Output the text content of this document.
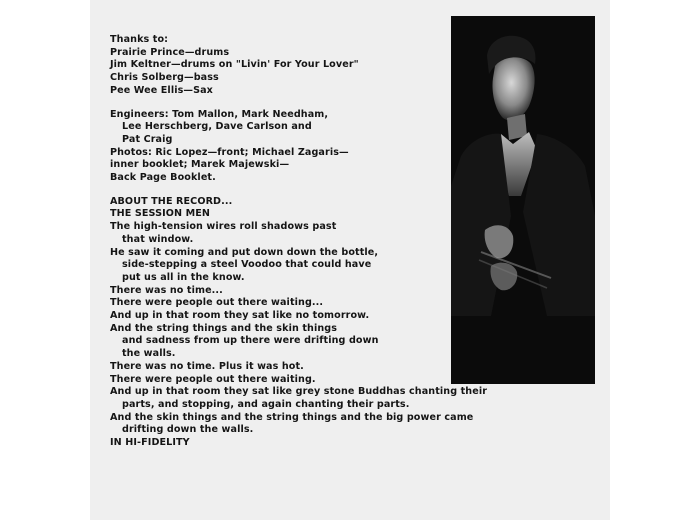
Thanks to:
Prairie Prince—drums
Jim Keltner—drums on "Livin' For Your Lover"
Chris Solberg—bass
Pee Wee Ellis—Sax
Engineers: Tom Mallon, Mark Needham,
Lee Herschberg, Dave Carlson and
Pat Craig
Photos: Ric Lopez—front; Michael Zagaris—
inner booklet; Marek Majewski—
Back Page Booklet.
ABOUT THE RECORD...
THE SESSION MEN
The high-tension wires roll shadows past
that window.
He saw it coming and put down down the bottle,
side-stepping a steel Voodoo that could have
put us all in the know.
There was no time...
There were people out there waiting...
And up in that room they sat like no tomorrow.
And the string things and the skin things
and sadness from up there were drifting down
the walls.
There was no time. Plus it was hot.
There were people out there waiting.
And up in that room they sat like grey stone Buddhas chanting their
parts, and stopping, and again chanting their parts.
And the skin things and the string things and the big power came
drifting down the walls.
IN HI-FIDELITY
